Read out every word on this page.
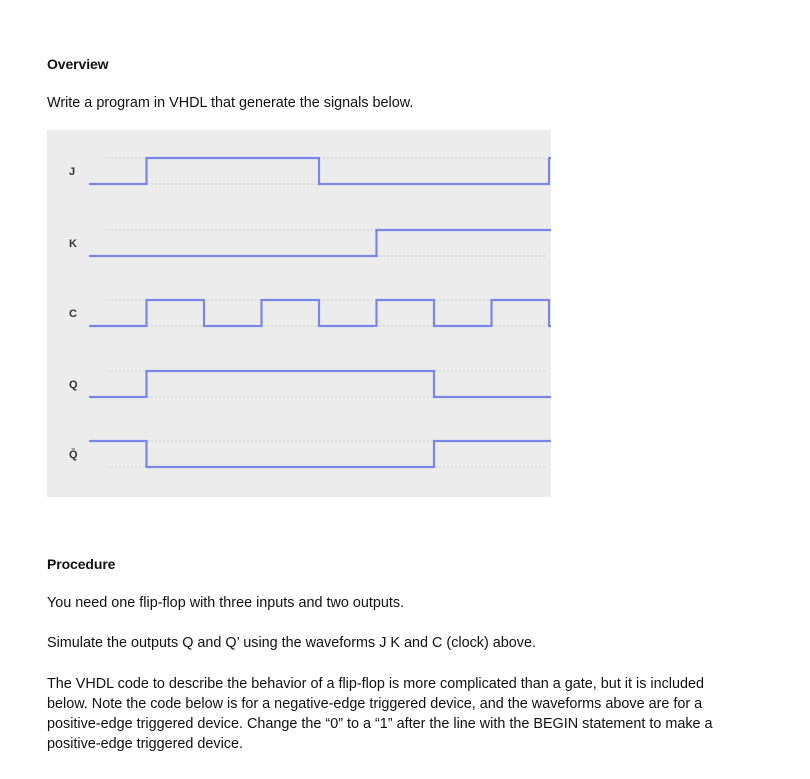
Overview
Write a program in VHDL that generate the signals below.
J
K
C
Q
Q̄
Procedure
You need one flip-flop with three inputs and two outputs.
Simulate the outputs Q and Q’ using the waveforms J K and C (clock) above.
The VHDL code to describe the behavior of a flip-flop is more complicated than a gate, but it is included below. Note the code below is for a negative-edge triggered device, and the waveforms above are for a positive-edge triggered device. Change the “0” to a “1” after the line with the BEGIN statement to make a positive-edge triggered device.
